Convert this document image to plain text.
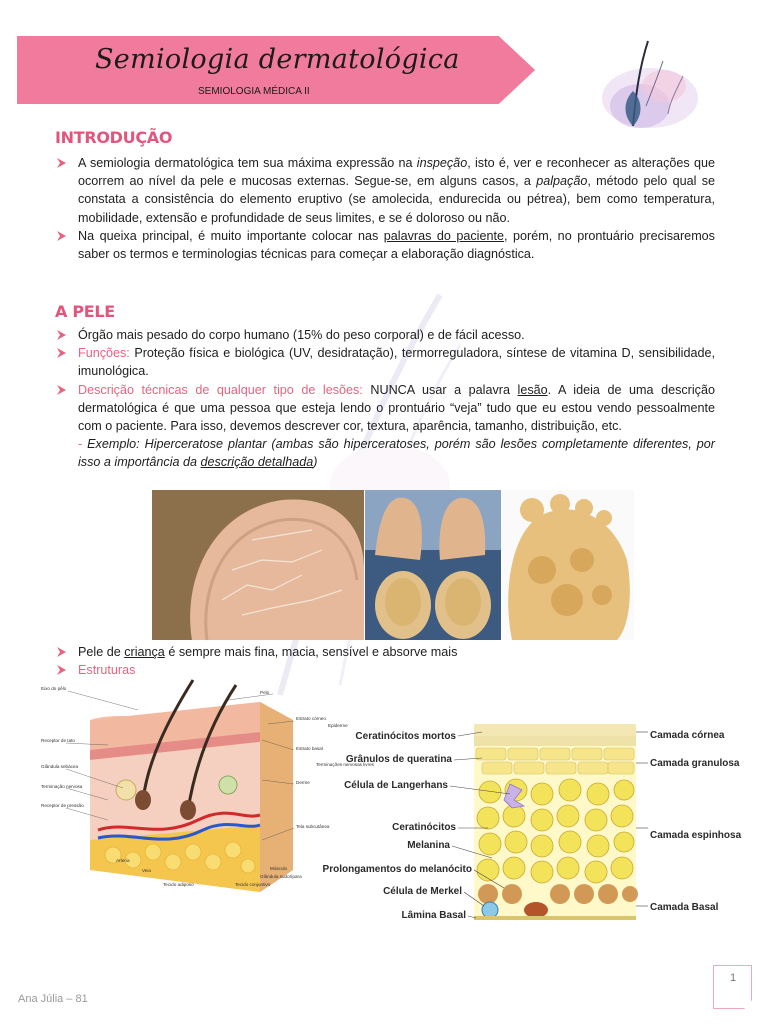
Semiologia dermatológica
SEMIOLOGIA MÉDICA II
INTRODUÇÃO
A semiologia dermatológica tem sua máxima expressão na inspeção, isto é, ver e reconhecer as alterações que ocorrem ao nível da pele e mucosas externas. Segue-se, em alguns casos, a palpação, método pelo qual se constata a consistência do elemento eruptivo (se amolecida, endurecida ou pétrea), bem como temperatura, mobilidade, extensão e profundidade de seus limites, e se é doloroso ou não.
Na queixa principal, é muito importante colocar nas palavras do paciente, porém, no prontuário precisaremos saber os termos e terminologias técnicas para começar a elaboração diagnóstica.
A PELE
Órgão mais pesado do corpo humano (15% do peso corporal) e de fácil acesso.
Funções: Proteção física e biológica (UV, desidratação), termorreguladora, síntese de vitamina D, sensibilidade, imunológica.
Descrição técnicas de qualquer tipo de lesões: NUNCA usar a palavra lesão. A ideia de uma descrição dermatológica é que uma pessoa que esteja lendo o prontuário “veja” tudo que eu estou vendo pessoalmente com o paciente. Para isso, devemos descrever cor, textura, aparência, tamanho, distribuição, etc.
- Exemplo: Hiperceratose plantar (ambas são hiperceratoses, porém são lesões completamente diferentes, por isso a importância da descrição detalhada)
Pele de criança é sempre mais fina, macia, sensível e absorve mais
Estruturas
Eixo do pêlo
Pelo
Receptor de tato
Estrato córneo
Epiderme
Estrato basal
Glândula sebácea	Terminações nervosas livres
Terminação nervosa
Derme
Receptor de pressão
Tela subcutânea
Arteria
Veia
Tecido adiposo	Tecido conjuntivo
Músculo
Glândula sudorípara
Ceratinócitos mortos
Grânulos de queratina
Célula de Langerhans
Ceratinócitos
Melanina
Prolongamentos do melanócito
Célula de Merkel
Lâmina Basal
Camada córnea
Camada granulosa
Camada espinhosa
Camada Basal
Ana Júlia – 81
1
